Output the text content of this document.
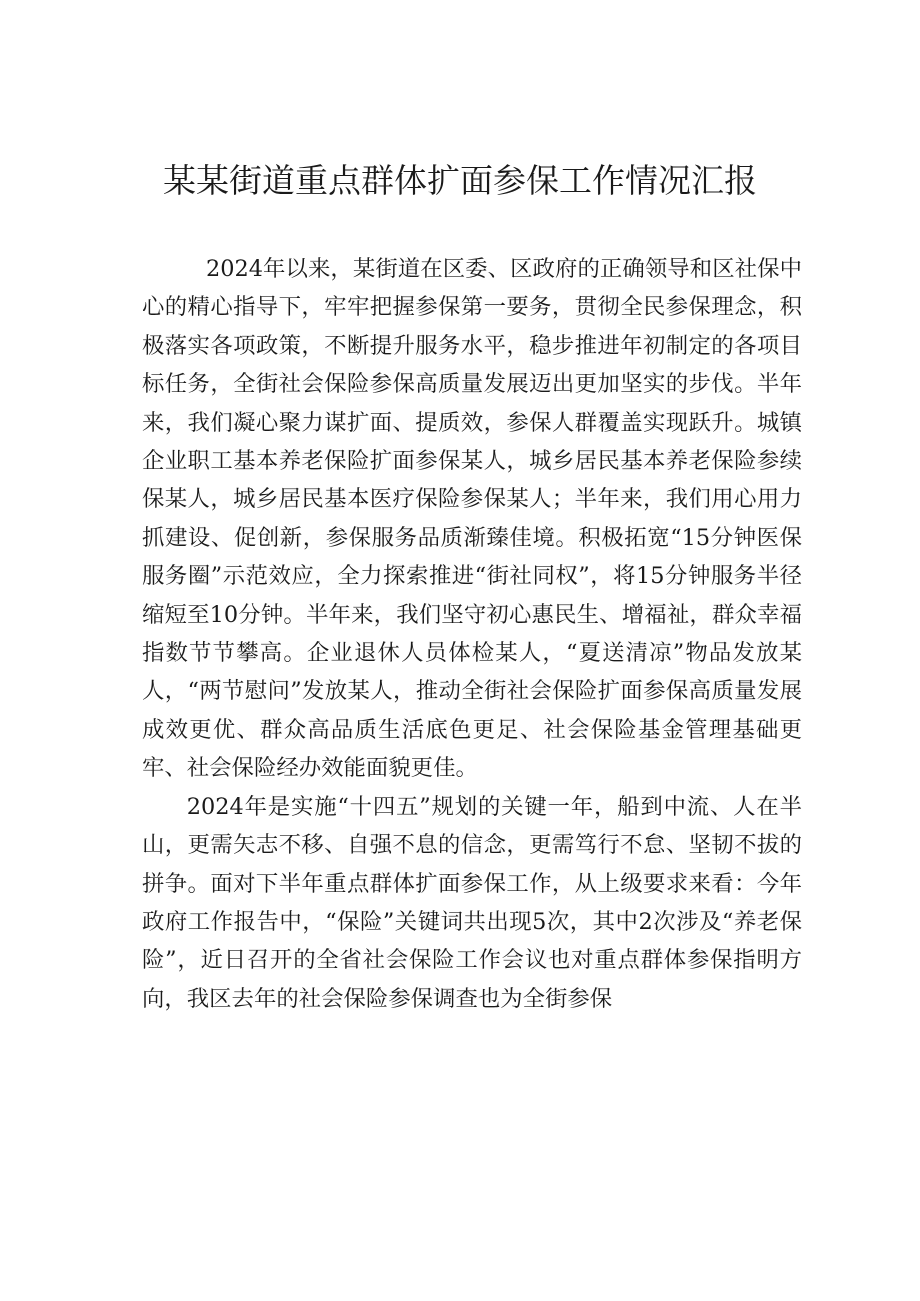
某某街道重点群体扩面参保工作情况汇报

2024年以来，某街道在区委、区政府的正确领导和区社保中心的精心指导下，牢牢把握参保第一要务，贯彻全民参保理念，积极落实各项政策，不断提升服务水平，稳步推进年初制定的各项目标任务，全街社会保险参保高质量发展迈出更加坚实的步伐。半年来，我们凝心聚力谋扩面、提质效，参保人群覆盖实现跃升。城镇企业职工基本养老保险扩面参保某人，城乡居民基本养老保险参续保某人，城乡居民基本医疗保险参保某人；半年来，我们用心用力抓建设、促创新，参保服务品质渐臻佳境。积极拓宽“15分钟医保服务圈”示范效应，全力探索推进“街社同权”，将15分钟服务半径缩短至10分钟。半年来，我们坚守初心惠民生、增福祉，群众幸福指数节节攀高。企业退休人员体检某人，“夏送清凉”物品发放某人，“两节慰问”发放某人，推动全街社会保险扩面参保高质量发展成效更优、群众高品质生活底色更足、社会保险基金管理基础更牢、社会保险经办效能面貌更佳。

2024年是实施“十四五”规划的关键一年，船到中流、人在半山，更需矢志不移、自强不息的信念，更需笃行不怠、坚韧不拔的拼争。面对下半年重点群体扩面参保工作，从上级要求来看：今年政府工作报告中，“保险”关键词共出现5次，其中2次涉及“养老保险”，近日召开的全省社会保险工作会议也对重点群体参保指明方向，我区去年的社会保险参保调查也为全街参保
